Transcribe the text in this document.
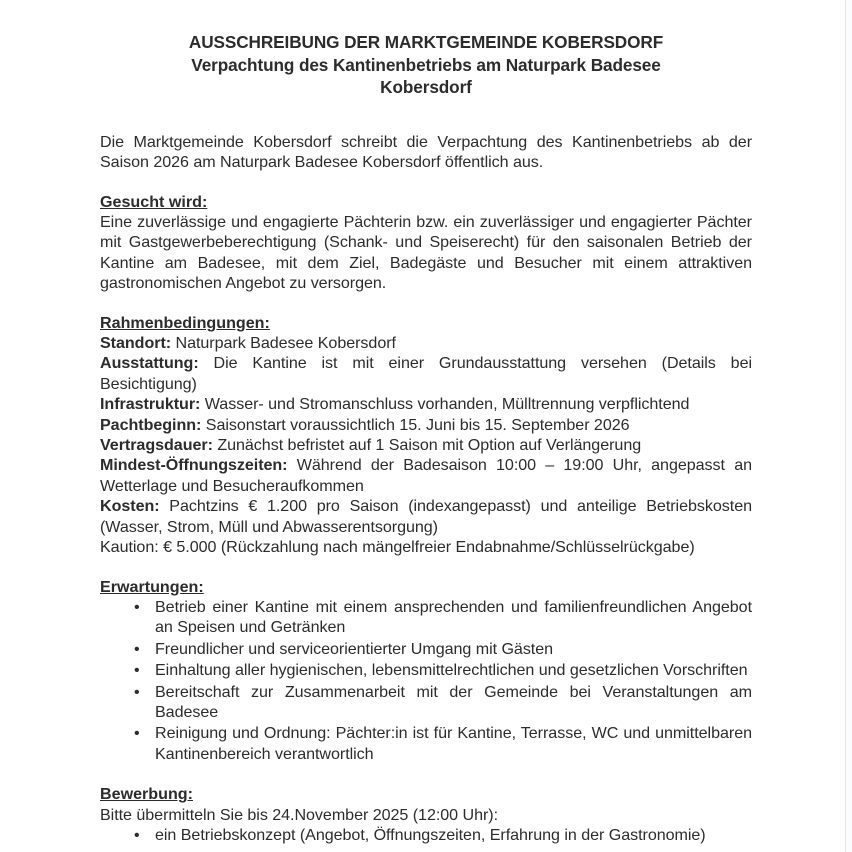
AUSSCHREIBUNG DER MARKTGEMEINDE KOBERSDORF
Verpachtung des Kantinenbetriebs am Naturpark Badesee
Kobersdorf

Die Marktgemeinde Kobersdorf schreibt die Verpachtung des Kantinenbetriebs ab der Saison 2026 am Naturpark Badesee Kobersdorf öffentlich aus.

Gesucht wird:

Eine zuverlässige und engagierte Pächterin bzw. ein zuverlässiger und engagierter Pächter mit Gastgewerbeberechtigung (Schank- und Speiserecht) für den saisonalen Betrieb der Kantine am Badesee, mit dem Ziel, Badegäste und Besucher mit einem attraktiven gastronomischen Angebot zu versorgen.

Rahmenbedingungen:

Standort: Naturpark Badesee Kobersdorf

Ausstattung: Die Kantine ist mit einer Grundausstattung versehen (Details bei Besichtigung)

Infrastruktur: Wasser- und Stromanschluss vorhanden, Mülltrennung verpflichtend

Pachtbeginn: Saisonstart voraussichtlich 15. Juni bis 15. September 2026

Vertragsdauer: Zunächst befristet auf 1 Saison mit Option auf Verlängerung

Mindest-Öffnungszeiten: Während der Badesaison 10:00 – 19:00 Uhr, angepasst an Wetterlage und Besucheraufkommen

Kosten: Pachtzins € 1.200 pro Saison (indexangepasst) und anteilige Betriebskosten (Wasser, Strom, Müll und Abwasserentsorgung)

Kaution: € 5.000 (Rückzahlung nach mängelfreier Endabnahme/Schlüsselrückgabe)

Erwartungen:
• Betrieb einer Kantine mit einem ansprechenden und familienfreundlichen Angebot an Speisen und Getränken
• Freundlicher und serviceorientierter Umgang mit Gästen
• Einhaltung aller hygienischen, lebensmittelrechtlichen und gesetzlichen Vorschriften
• Bereitschaft zur Zusammenarbeit mit der Gemeinde bei Veranstaltungen am Badesee
• Reinigung und Ordnung: Pächter:in ist für Kantine, Terrasse, WC und unmittelbaren Kantinenbereich verantwortlich
Bewerbung:

Bitte übermitteln Sie bis 24.November 2025 (12:00 Uhr):

• ein Betriebskonzept (Angebot, Öffnungszeiten, Erfahrung in der Gastronomie)
